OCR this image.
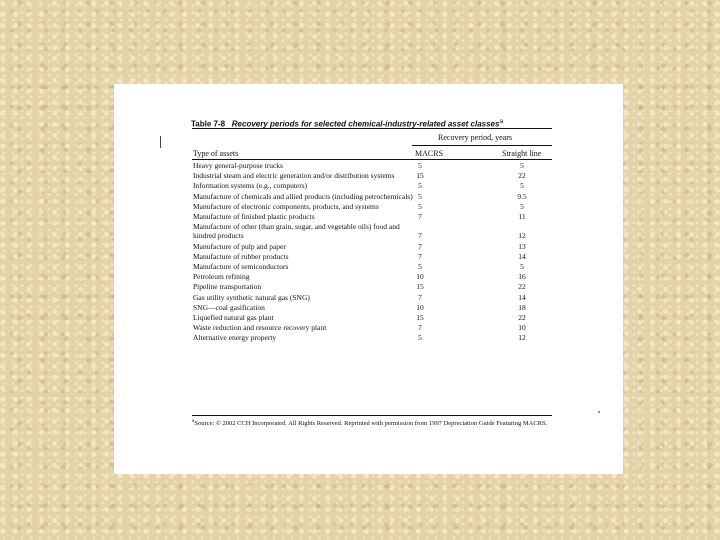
Table 7-8 Recovery periods for selected chemical-industry-related asset classes$^a$
Recovery period, years
Type of assets	MACRS	Straight line
Heavy general-purpose trucks	5	5
Industrial steam and electric generation and/or distribution systems	15	22
Information systems (e.g., computers)	5	5
Manufacture of chemicals and allied products (including petrochemicals) 5	9.5
Manufacture of electronic components, products, and systems	5	5
Manufacture of finished plastic products	7	11
Manufacture of other (than grain, sugar, and vegetable oils) food and kindred products	7	12
Manufacture of pulp and paper	7	13
Manufacture of rubber products	7	14
Manufacture of semiconductors	5	5
Petroleum refining	10	16
Pipeline transportation	15	22
Gas utility synthetic natural gas (SNG)	7	14
SNG—coal gasification	10	18
Liquefied natural gas plant	15	22
Waste reduction and resource recovery plant	7	10
Alternative energy property	5	12
$^a$Source: © 2002 CCH Incorporated. All Rights Reserved. Reprinted with permission from 1997 Depreciation Guide Featuring MACRS.
